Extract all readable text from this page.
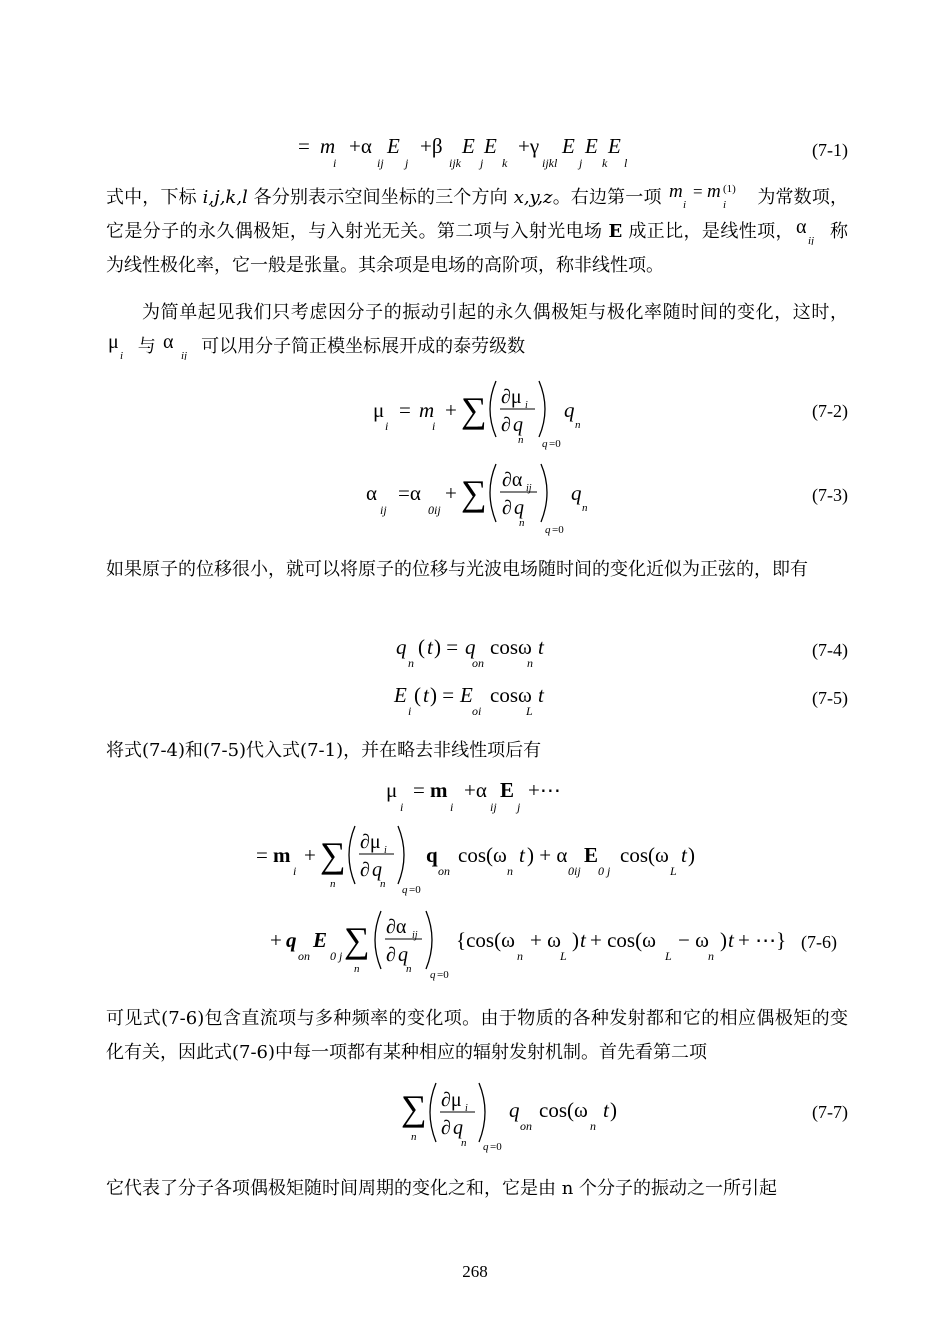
= m
i
+α
ij
E
j
+β
ijk
E
j
E
k
+γ
ijkl
E
j
E
k
E
l
(7-1)

式中，下标 i,j,k,l 各分别表示空间坐标的三个方向 x,y,z。右边第一项 m
i
= m (1)
i 为常数项，它是分子的永久偶极矩，与入射光无关。第二项与入射光电场 E 成正比，是线性项， α
ij 称为线性极化率，它一般是张量。其余项是电场的高阶项，称非线性项。

为简单起见我们只考虑因分子的振动引起的永久偶极矩与极化率随时间的变化，这时，
μ
i 与 α
ij 可以用分子简正模坐标展开成的泰劳级数

μ
i
= m
i
+ ∑ ∂μ i
∂ q
n q =0
q
n
(7-2)
α
ij
=α
0ij
+ ∑ ∂α ij
∂ q
n
q =0
q
n
(7-3)

如果原子的位移很小，就可以将原子的位移与光波电场随时间的变化近似为正弦的，即有

q
n
( t ) = q
on
cosω
n
t	(7-4)
E
i
( t ) = E
oi
cosω
L
t	(7-5)

将式(7-4)和(7-5)代入式(7-1)，并在略去非线性项后有

μ
i
= m
i
+α
ij
E
j
+⋯
= m
i
+ ∑
n
∂μ i
∂ q
n q =0
q
on
cos(ω
n
t ) + α
0ij
E
0 j
cos(ω
L
t )
+ q
on
E
0 j ∑
n
∂α ij
∂ q
n q =0
{cos(ω
n
+ ω
L
) t + cos(ω
L
− ω
n
) t + ⋯} (7-6)

可见式(7-6)包含直流项与多种频率的变化项。由于物质的各种发射都和它的相应偶极矩的变化有关，因此式(7-6)中每一项都有某种相应的辐射发射机制。首先看第二项

∑
n
∂μ i
∂ q
n q =0
q
on
cos(ω
n
t )	(7-7)

它代表了分子各项偶极矩随时间周期的变化之和，它是由 n 个分子的振动之一所引起

268
